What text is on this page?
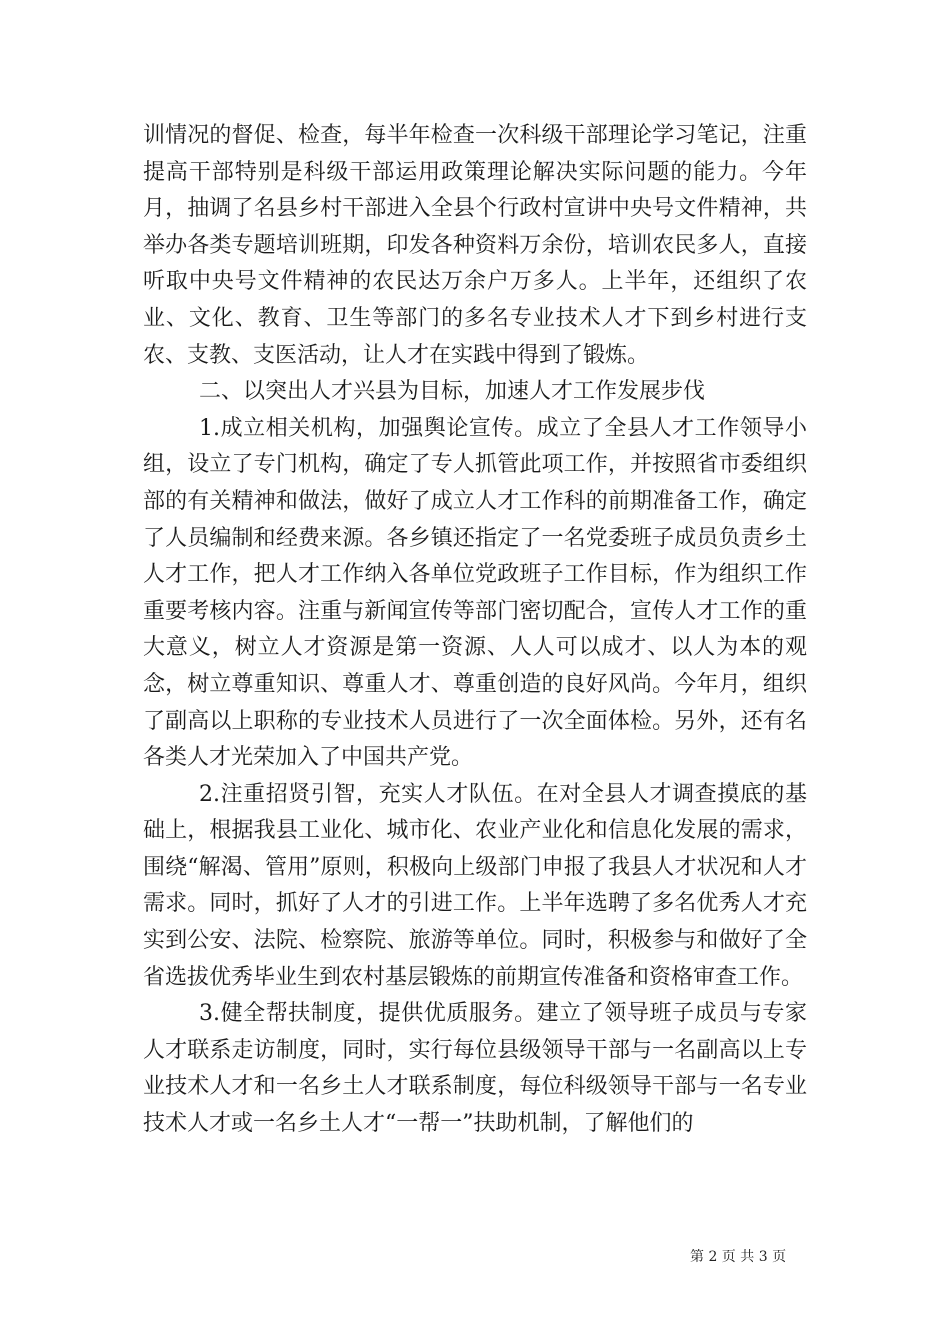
训情况的督促、检查，每半年检查一次科级干部理论学习笔记，注重提高干部特别是科级干部运用政策理论解决实际问题的能力。今年月，抽调了名县乡村干部进入全县个行政村宣讲中央号文件精神，共举办各类专题培训班期，印发各种资料万余份，培训农民多人，直接听取中央号文件精神的农民达万余户万多人。上半年，还组织了农业、文化、教育、卫生等部门的多名专业技术人才下到乡村进行支农、支教、支医活动，让人才在实践中得到了锻炼。

二、以突出人才兴县为目标，加速人才工作发展步伐

1.成立相关机构，加强舆论宣传。成立了全县人才工作领导小组，设立了专门机构，确定了专人抓管此项工作，并按照省市委组织部的有关精神和做法，做好了成立人才工作科的前期准备工作，确定了人员编制和经费来源。各乡镇还指定了一名党委班子成员负责乡土人才工作，把人才工作纳入各单位党政班子工作目标，作为组织工作重要考核内容。注重与新闻宣传等部门密切配合，宣传人才工作的重大意义，树立人才资源是第一资源、人人可以成才、以人为本的观念，树立尊重知识、尊重人才、尊重创造的良好风尚。今年月，组织了副高以上职称的专业技术人员进行了一次全面体检。另外，还有名各类人才光荣加入了中国共产党。

2.注重招贤引智，充实人才队伍。在对全县人才调查摸底的基础上，根据我县工业化、城市化、农业产业化和信息化发展的需求，围绕“解渴、管用”原则，积极向上级部门申报了我县人才状况和人才需求。同时，抓好了人才的引进工作。上半年选聘了多名优秀人才充实到公安、法院、检察院、旅游等单位。同时，积极参与和做好了全省选拔优秀毕业生到农村基层锻炼的前期宣传准备和资格审查工作。

3.健全帮扶制度，提供优质服务。建立了领导班子成员与专家人才联系走访制度，同时，实行每位县级领导干部与一名副高以上专业技术人才和一名乡土人才联系制度，每位科级领导干部与一名专业技术人才或一名乡土人才“一帮一”扶助机制，了解他们的

第 2 页 共 3 页
